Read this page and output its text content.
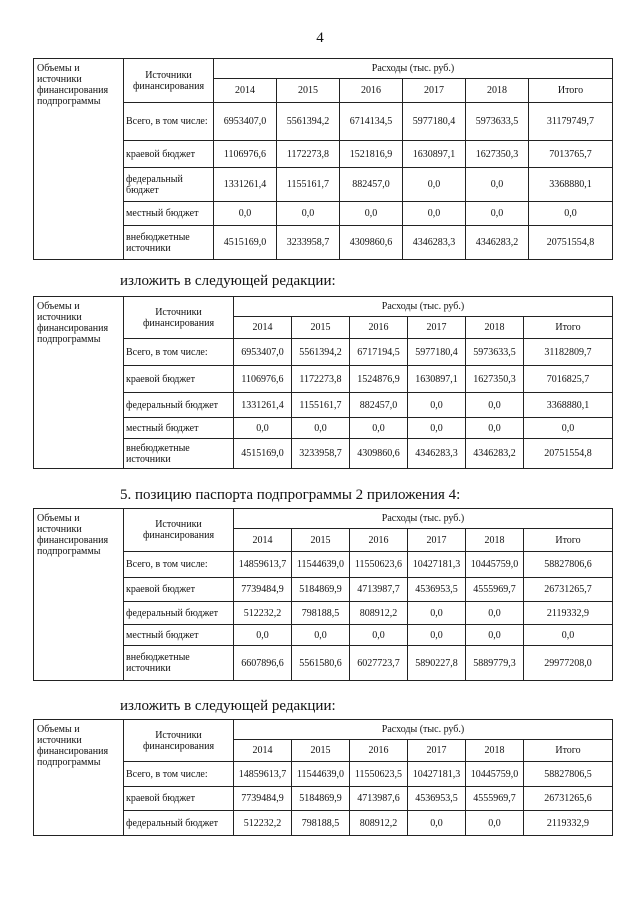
4
Объемы и источники финансирования подпрограммы	Источники финансирования	Расходы (тыс. руб.)					
		2014	2015	2016	2017	2018	Итого
	Всего, в том числе:	6953407,0	5561394,2	6714134,5	5977180,4	5973633,5	31179749,7
	краевой бюджет	1106976,6	1172273,8	1521816,9	1630897,1	1627350,3	7013765,7
	федеральный бюджет	1331261,4	1155161,7	882457,0	0,0	0,0	3368880,1
	местный бюджет	0,0	0,0	0,0	0,0	0,0	0,0
	внебюджетные источники	4515169,0	3233958,7	4309860,6	4346283,3	4346283,2	20751554,8
изложить в следующей редакции:
Объемы и источники финансирования подпрограммы	Источники финансирования	Расходы (тыс. руб.)					
		2014	2015	2016	2017	2018	Итого
	Всего, в том числе:	6953407,0	5561394,2	6717194,5	5977180,4	5973633,5	31182809,7
	краевой бюджет	1106976,6	1172273,8	1524876,9	1630897,1	1627350,3	7016825,7
	федеральный бюджет	1331261,4	1155161,7	882457,0	0,0	0,0	3368880,1
	местный бюджет	0,0	0,0	0,0	0,0	0,0	0,0
	внебюджетные источники	4515169,0	3233958,7	4309860,6	4346283,3	4346283,2	20751554,8
5. позицию паспорта подпрограммы 2 приложения 4:
Объемы и источники финансирования подпрограммы	Источники финансирования	Расходы (тыс. руб.)					
		2014	2015	2016	2017	2018	Итого
	Всего, в том числе:	14859613,7	11544639,0	11550623,6	10427181,3	10445759,0	58827806,6
	краевой бюджет	7739484,9	5184869,9	4713987,7	4536953,5	4555969,7	26731265,7
	федеральный бюджет	512232,2	798188,5	808912,2	0,0	0,0	2119332,9
	местный бюджет	0,0	0,0	0,0	0,0	0,0	0,0
	внебюджетные источники	6607896,6	5561580,6	6027723,7	5890227,8	5889779,3	29977208,0
изложить в следующей редакции:
Объемы и источники финансирования подпрограммы	Источники финансирования	Расходы (тыс. руб.)					
		2014	2015	2016	2017	2018	Итого
	Всего, в том числе:	14859613,7	11544639,0	11550623,5	10427181,3	10445759,0	58827806,5
	краевой бюджет	7739484,9	5184869,9	4713987,6	4536953,5	4555969,7	26731265,6
	федеральный бюджет	512232,2	798188,5	808912,2	0,0	0,0	2119332,9
